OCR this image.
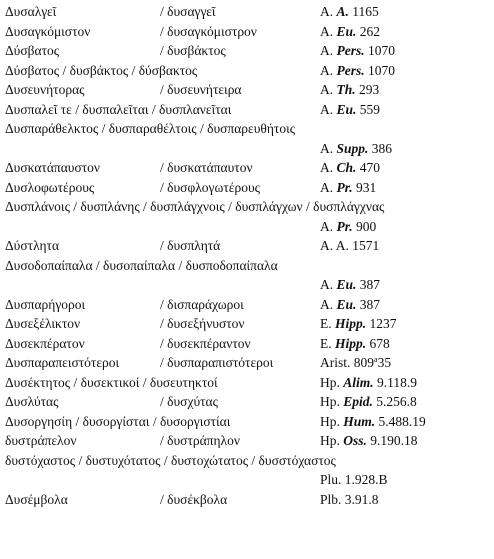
Δυσαλγεῖ	/ δυσαγγεῖ	A. A. 1165
Δυσαγκόμιστον	/ δυσαγκόμιστρον	A. Eu. 262
Δύσβατος	/ δυσβάκτος	A. Pers. 1070
Δύσβατος / δυσβάκτος / δύσβακτος	A. Pers. 1070
Δυσευνήτορας	/ δυσευνήτειρα	A. Th. 293
Δυσπαλεῖ τε / δυσπαλεῖται / δυσπλανεῖται	A. Eu. 559
Δυσπαράθελκτος / δυσπαραθέλτοις / δυσπαρευθήτοις
A. Supp. 386
Δυσκατάπαυστον	/ δυσκατάπαυτον	A. Ch. 470
Δυσλοφωτέρους	/ δυσφλογωτέρους	A. Pr. 931
Δυσπλάνοις / δυσπλάνης / δυσπλάγχνοις / δυσπλάγχων / δυσπλάγχνας
A. Pr. 900
Δύστλητα	/ δυσπλητά	A. A. 1571
Δυσοδοπαίπαλα / δυσοπαίπαλα / δυσποδοπαίπαλα
A. Eu. 387
Δυσπαρήγοροι	/ δισπαράχωροι	A. Eu. 387
Δυσεξέλικτον	/ δυσεξήνυστον	E. Hipp. 1237
Δυσεκπέρατον	/ δυσεκπέραντον	E. Hipp. 678
Δυσπαραπειστότεροι	/ δυσπαραπιστότεροι	Arist. 809$^a$35
Δυσέκτητος / δυσεκτικοί / δυσευτηκτοί	Hp. Alim. 9.118.9
Δυσλύτας	/ δυσχύτας	Hp. Epid. 5.256.8
Δυσοργησίη / δυσοργίσται / δυσοργιστίαι	Hp. Hum. 5.488.19
δυστράπελον	/ δυστράπηλον	Hp. Oss. 9.190.18
δυστόχαστος / δυστυχότατος / δυστοχώτατος / δυσστόχαστος
Plu. 1.928.B
Δυσέμβολα	/ δυσέκβολα	Plb. 3.91.8
